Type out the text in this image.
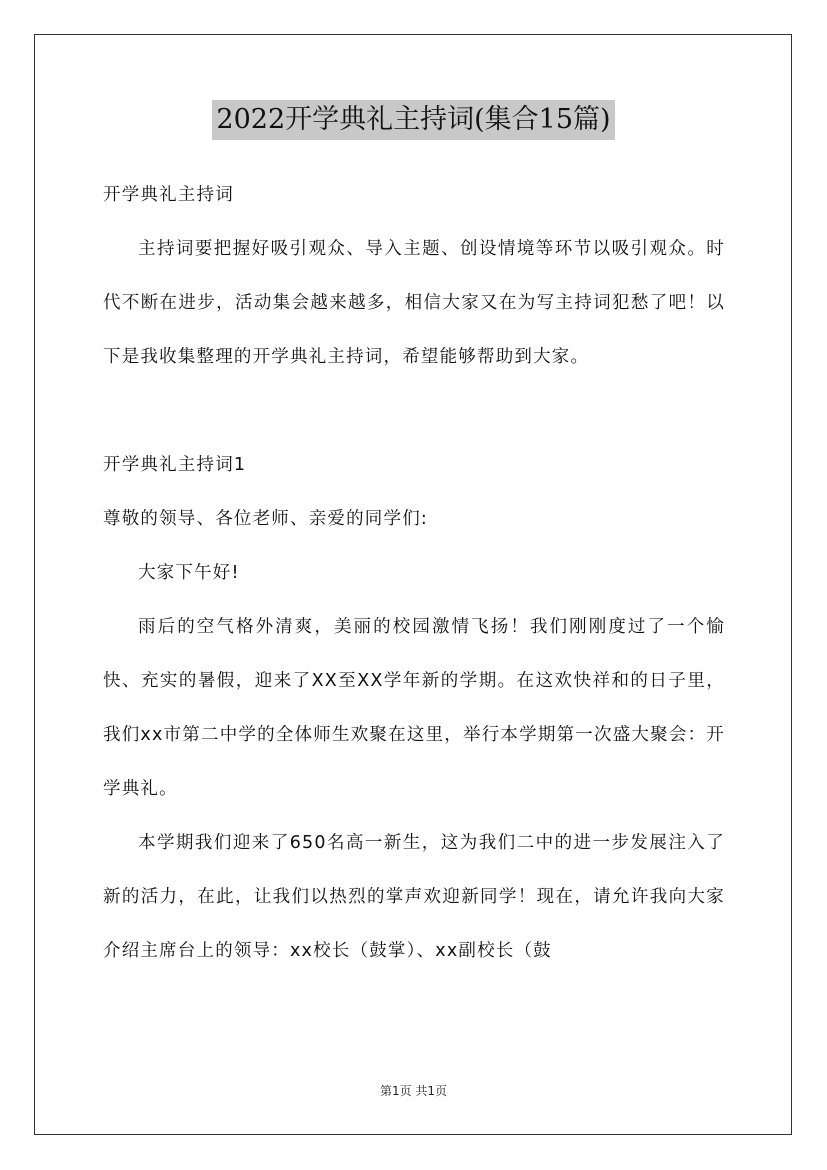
2022开学典礼主持词(集合15篇)

开学典礼主持词

主持词要把握好吸引观众、导入主题、创设情境等环节以吸引观众。时代不断在进步，活动集会越来越多，相信大家又在为写主持词犯愁了吧！以下是我收集整理的开学典礼主持词，希望能够帮助到大家。

开学典礼主持词1

尊敬的领导、各位老师、亲爱的同学们:

大家下午好!

雨后的空气格外清爽，美丽的校园激情飞扬！我们刚刚度过了一个愉快、充实的暑假，迎来了XX至XX学年新的学期。在这欢快祥和的日子里，我们xx市第二中学的全体师生欢聚在这里，举行本学期第一次盛大聚会：开学典礼。

本学期我们迎来了650名高一新生，这为我们二中的进一步发展注入了新的活力，在此，让我们以热烈的掌声欢迎新同学！现在，请允许我向大家介绍主席台上的领导：xx校长（鼓掌）、xx副校长（鼓

第1页 共1页
